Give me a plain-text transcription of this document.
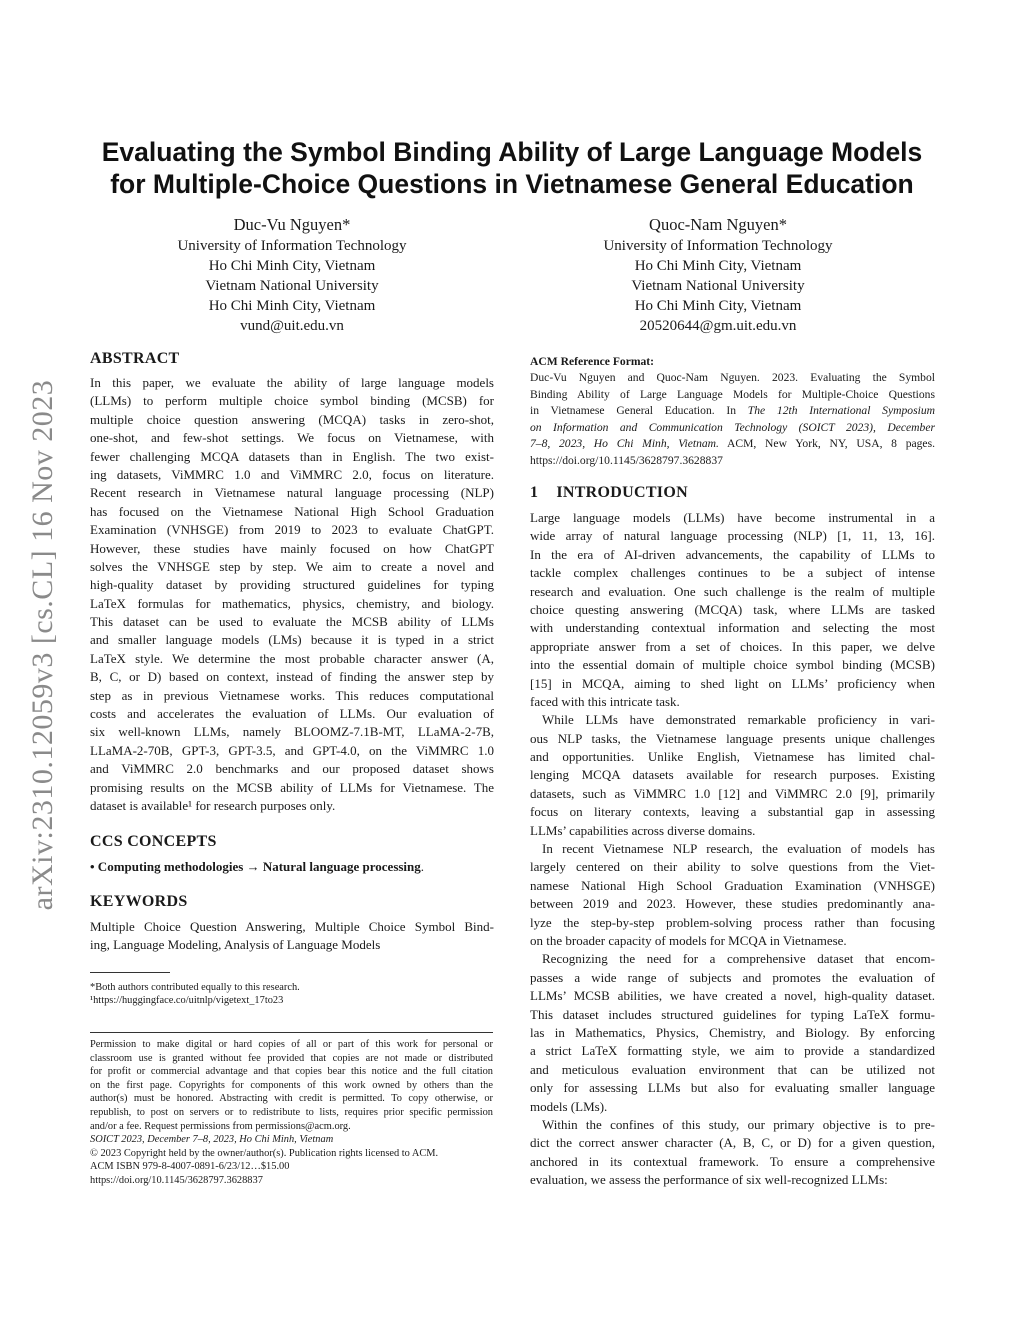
arXiv:2310.12059v3 [cs.CL] 16 Nov 2023
Evaluating the Symbol Binding Ability of Large Language Models
for Multiple-Choice Questions in Vietnamese General Education
Duc-Vu Nguyen*
University of Information Technology
Ho Chi Minh City, Vietnam
Vietnam National University
Ho Chi Minh City, Vietnam
vund@uit.edu.vn
Quoc-Nam Nguyen*
University of Information Technology
Ho Chi Minh City, Vietnam
Vietnam National University
Ho Chi Minh City, Vietnam
20520644@gm.uit.edu.vn
ABSTRACT
In this paper, we evaluate the ability of large language models
(LLMs) to perform multiple choice symbol binding (MCSB) for
multiple choice question answering (MCQA) tasks in zero-shot,
one-shot, and few-shot settings. We focus on Vietnamese, with
fewer challenging MCQA datasets than in English. The two exist-
ing datasets, ViMMRC 1.0 and ViMMRC 2.0, focus on literature.
Recent research in Vietnamese natural language processing (NLP)
has focused on the Vietnamese National High School Graduation
Examination (VNHSGE) from 2019 to 2023 to evaluate ChatGPT.
However, these studies have mainly focused on how ChatGPT
solves the VNHSGE step by step. We aim to create a novel and
high-quality dataset by providing structured guidelines for typing
LaTeX formulas for mathematics, physics, chemistry, and biology.
This dataset can be used to evaluate the MCSB ability of LLMs
and smaller language models (LMs) because it is typed in a strict
LaTeX style. We determine the most probable character answer (A,
B, C, or D) based on context, instead of finding the answer step by
step as in previous Vietnamese works. This reduces computational
costs and accelerates the evaluation of LLMs. Our evaluation of
six well-known LLMs, namely BLOOMZ-7.1B-MT, LLaMA-2-7B,
LLaMA-2-70B, GPT-3, GPT-3.5, and GPT-4.0, on the ViMMRC 1.0
and ViMMRC 2.0 benchmarks and our proposed dataset shows
promising results on the MCSB ability of LLMs for Vietnamese. The
dataset is available¹ for research purposes only.
CCS CONCEPTS
• Computing methodologies → Natural language processing.
KEYWORDS
Multiple Choice Question Answering, Multiple Choice Symbol Bind-
ing, Language Modeling, Analysis of Language Models
*Both authors contributed equally to this research.
¹https://huggingface.co/uitnlp/vigetext_17to23
Permission to make digital or hard copies of all or part of this work for personal or
classroom use is granted without fee provided that copies are not made or distributed
for profit or commercial advantage and that copies bear this notice and the full citation
on the first page. Copyrights for components of this work owned by others than the
author(s) must be honored. Abstracting with credit is permitted. To copy otherwise, or
republish, to post on servers or to redistribute to lists, requires prior specific permission
and/or a fee. Request permissions from permissions@acm.org.
SOICT 2023, December 7–8, 2023, Ho Chi Minh, Vietnam
© 2023 Copyright held by the owner/author(s). Publication rights licensed to ACM.
ACM ISBN 979-8-4007-0891-6/23/12…$15.00
https://doi.org/10.1145/3628797.3628837
ACM Reference Format:
Duc-Vu Nguyen and Quoc-Nam Nguyen. 2023. Evaluating the Symbol
Binding Ability of Large Language Models for Multiple-Choice Questions
in Vietnamese General Education. In The 12th International Symposium
on Information and Communication Technology (SOICT 2023), December
7–8, 2023, Ho Chi Minh, Vietnam. ACM, New York, NY, USA, 8 pages.
https://doi.org/10.1145/3628797.3628837
1 INTRODUCTION
Large language models (LLMs) have become instrumental in a
wide array of natural language processing (NLP) [1, 11, 13, 16].
In the era of AI-driven advancements, the capability of LLMs to
tackle complex challenges continues to be a subject of intense
research and evaluation. One such challenge is the realm of multiple
choice questing answering (MCQA) task, where LLMs are tasked
with understanding contextual information and selecting the most
appropriate answer from a set of choices. In this paper, we delve
into the essential domain of multiple choice symbol binding (MCSB)
[15] in MCQA, aiming to shed light on LLMs’ proficiency when
faced with this intricate task.
While LLMs have demonstrated remarkable proficiency in vari-
ous NLP tasks, the Vietnamese language presents unique challenges
and opportunities. Unlike English, Vietnamese has limited chal-
lenging MCQA datasets available for research purposes. Existing
datasets, such as ViMMRC 1.0 [12] and ViMMRC 2.0 [9], primarily
focus on literary contexts, leaving a substantial gap in assessing
LLMs’ capabilities across diverse domains.
In recent Vietnamese NLP research, the evaluation of models has
largely centered on their ability to solve questions from the Viet-
namese National High School Graduation Examination (VNHSGE)
between 2019 and 2023. However, these studies predominantly ana-
lyze the step-by-step problem-solving process rather than focusing
on the broader capacity of models for MCQA in Vietnamese.
Recognizing the need for a comprehensive dataset that encom-
passes a wide range of subjects and promotes the evaluation of
LLMs’ MCSB abilities, we have created a novel, high-quality dataset.
This dataset includes structured guidelines for typing LaTeX formu-
las in Mathematics, Physics, Chemistry, and Biology. By enforcing
a strict LaTeX formatting style, we aim to provide a standardized
and meticulous evaluation environment that can be utilized not
only for assessing LLMs but also for evaluating smaller language
models (LMs).
Within the confines of this study, our primary objective is to pre-
dict the correct answer character (A, B, C, or D) for a given question,
anchored in its contextual framework. To ensure a comprehensive
evaluation, we assess the performance of six well-recognized LLMs:
